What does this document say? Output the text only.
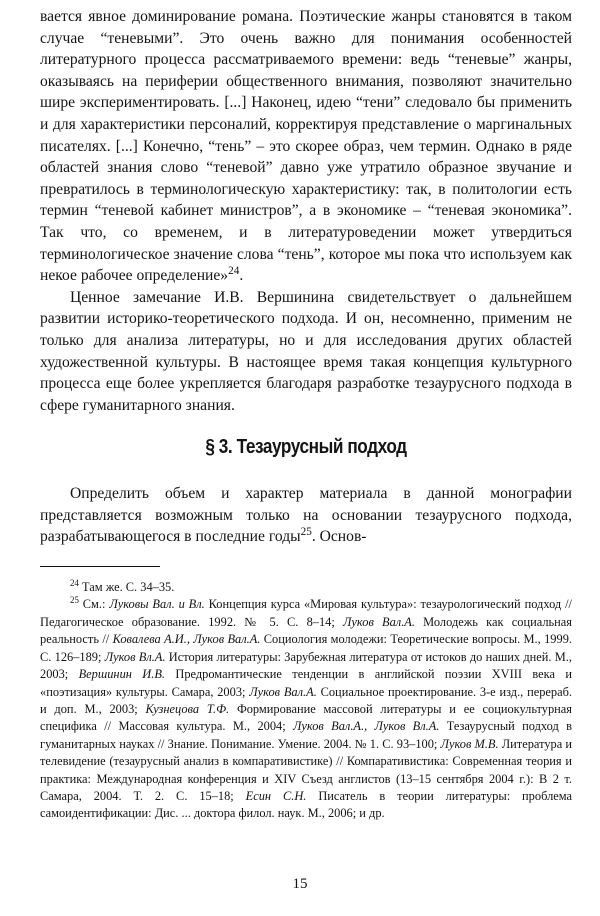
вается явное доминирование романа. Поэтические жанры становятся в таком случае “теневыми”. Это очень важно для понимания особенностей литературного процесса рассматриваемого времени: ведь “теневые” жанры, оказываясь на периферии общественного внимания, позволяют значительно шире экспериментировать. [...] Наконец, идею “тени” следовало бы применить и для характеристики персоналий, корректируя представление о маргинальных писателях. [...] Конечно, “тень” – это скорее образ, чем термин. Однако в ряде областей знания слово “теневой” давно уже утратило образное звучание и превратилось в терминологическую характеристику: так, в политологии есть термин “теневой кабинет министров”, а в экономике – “теневая экономика”. Так что, со временем, и в литературоведении может утвердиться терминологическое значение слова “тень”, которое мы пока что используем как некое рабочее определение»$^{24}$.

Ценное замечание И.В. Вершинина свидетельствует о дальнейшем развитии историко-теоретического подхода. И он, несомненно, применим не только для анализа литературы, но и для исследования других областей художественной культуры. В настоящее время такая концепция культурного процесса еще более укрепляется благодаря разработке тезаурусного подхода в сфере гуманитарного знания.

§ 3. Тезаурусный подход

Определить объем и характер материала в данной монографии представляется возможным только на основании тезаурусного подхода, разрабатывающегося в последние годы$^{25}$. Основ-

$^{24}$ Там же. С. 34–35.

$^{25}$ См.: Луковы Вал. и Вл. Концепция курса «Мировая культура»: тезаурологический подход // Педагогическое образование. 1992. № 5. С. 8–14; Луков Вал.А. Молодежь как социальная реальность // Ковалева А.И., Луков Вал.А. Социология молодежи: Теоретические вопросы. М., 1999. С. 126–189; Луков Вл.А. История литературы: Зарубежная литература от истоков до наших дней. М., 2003; Вершинин И.В. Предромантические тенденции в английской поэзии XVIII века и «поэтизация» культуры. Самара, 2003; Луков Вал.А. Социальное проектирование. 3-е изд., перераб. и доп. М., 2003; Кузнецова Т.Ф. Формирование массовой литературы и ее социокультурная специфика // Массовая культура. М., 2004; Луков Вал.А., Луков Вл.А. Тезаурусный подход в гуманитарных науках // Знание. Понимание. Умение. 2004. № 1. С. 93–100; Луков М.В. Литература и телевидение (тезаурусный анализ в компаративистике) // Компаративистика: Современная теория и практика: Международная конференция и XIV Съезд англистов (13–15 сентября 2004 г.): В 2 т. Самара, 2004. Т. 2. С. 15–18; Есин С.Н. Писатель в теории литературы: проблема самоидентификации: Дис. ... доктора филол. наук. М., 2006; и др.

15
